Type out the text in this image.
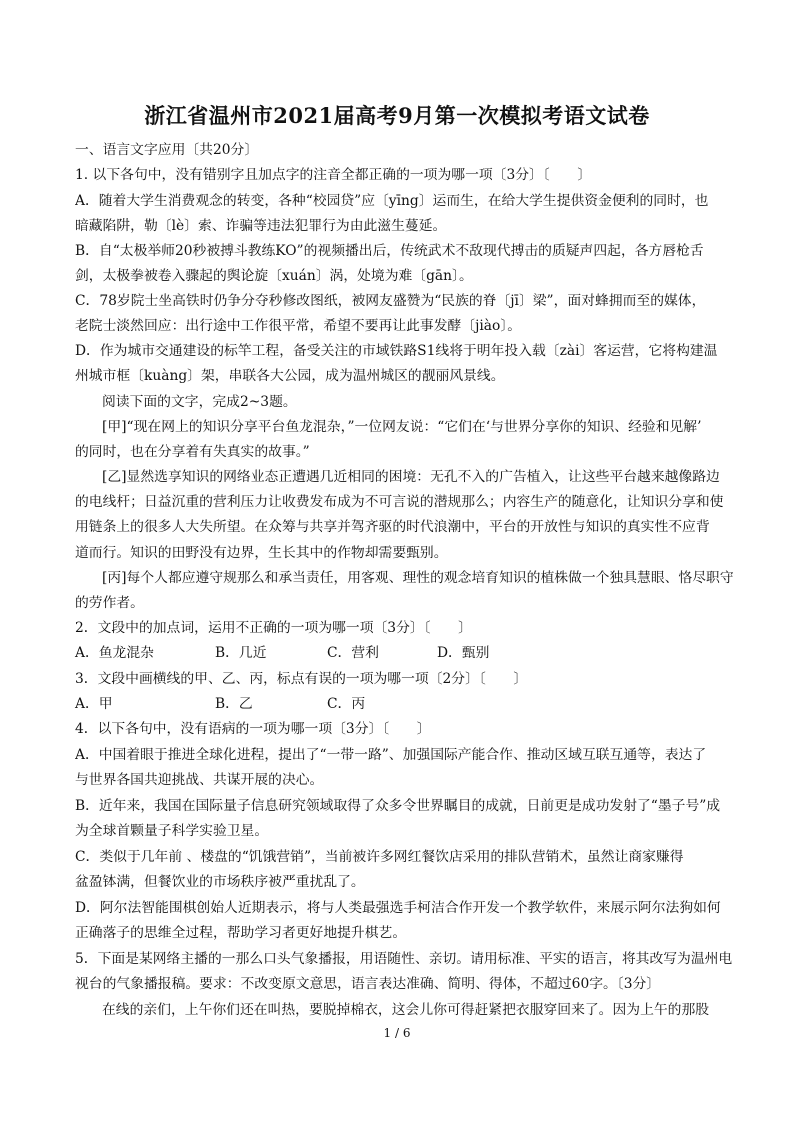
浙江省温州市2021届高考9月第一次模拟考语文试卷
一、语言文字应用〔共20分〕
1. 以下各句中，没有错别字且加点字的注音全都正确的一项为哪一项〔3分〕〔　　〕
A．随着大学生消费观念的转变，各种“校园贷”应〔yīng〕运而生，在给大学生提供资金便利的同时，也
暗藏陷阱，勒〔lè〕索、诈骗等违法犯罪行为由此滋生蔓延。
B．自“太极举师20秒被搏斗教练KO”的视频播出后，传统武术不敌现代搏击的质疑声四起，各方唇枪舌
剑，太极拳被卷入骤起的舆论旋〔xuán〕涡，处境为难〔gān〕。
C．78岁院士坐高铁时仍争分夺秒修改图纸，被网友盛赞为“民族的脊〔jī〕梁”，面对蜂拥而至的媒体，
老院士淡然回应：出行途中工作很平常，希望不要再让此事发酵〔jiào〕。
D．作为城市交通建设的标竿工程，备受关注的市域铁路S1线将于明年投入载〔zài〕客运营，它将构建温
州城市框〔kuàng〕架，串联各大公园，成为温州城区的靓丽风景线。
阅读下面的文字，完成2~3题。
[甲]“现在网上的知识分享平台鱼龙混杂，”一位网友说：“它们在‘与世界分享你的知识、经验和见解’
的同时，也在分享着有失真实的故事。”
[乙]显然选享知识的网络业态正遭遇几近相同的困境：无孔不入的广告植入，让这些平台越来越像路边
的电线杆；日益沉重的营利压力让收费发布成为不可言说的潜规那么；内容生产的随意化，让知识分享和使
用链条上的很多人大失所望。在众筹与共享并驾齐驱的时代浪潮中，平台的开放性与知识的真实性不应背
道而行。知识的田野没有边界，生长其中的作物却需要甄别。
[丙]每个人都应遵守规那么和承当责任，用客观、理性的观念培育知识的植株做一个独具慧眼、恪尽职守
的劳作者。
2．文段中的加点词，运用不正确的一项为哪一项〔3分〕〔　　〕
A．鱼龙混杂	B．几近	C．营利	D．甄别
3．文段中画横线的甲、乙、丙，标点有误的一项为哪一项〔2分〕〔　　〕
A．甲	B．乙	C．丙
4．以下各句中，没有语病的一项为哪一项〔3分〕〔　　〕
A．中国着眼于推进全球化进程，提出了“一带一路”、加强国际产能合作、推动区域互联互通等，表达了
与世界各国共迎挑战、共谋开展的决心。
B．近年来，我国在国际量子信息研究领域取得了众多令世界瞩目的成就，日前更是成功发射了“墨子号”成
为全球首颗量子科学实验卫星。
C．类似于几年前 、楼盘的“饥饿营销”，当前被许多网红餐饮店采用的排队营销术，虽然让商家赚得
盆盈钵满，但餐饮业的市场秩序被严重扰乱了。
D．阿尔法智能围棋创始人近期表示，将与人类最强选手柯洁合作开发一个教学软件，来展示阿尔法狗如何
正确落子的思维全过程，帮助学习者更好地提升棋艺。
5．下面是某网络主播的一那么口头气象播报，用语随性、亲切。请用标准、平实的语言，将其改写为温州电
视台的气象播报稿。要求：不改变原文意思，语言表达准确、简明、得体，不超过60字。〔3分〕
在线的亲们，上午你们还在叫热，要脱掉棉衣，这会儿你可得赶紧把衣服穿回来了。因为上午的那股
1 / 6
